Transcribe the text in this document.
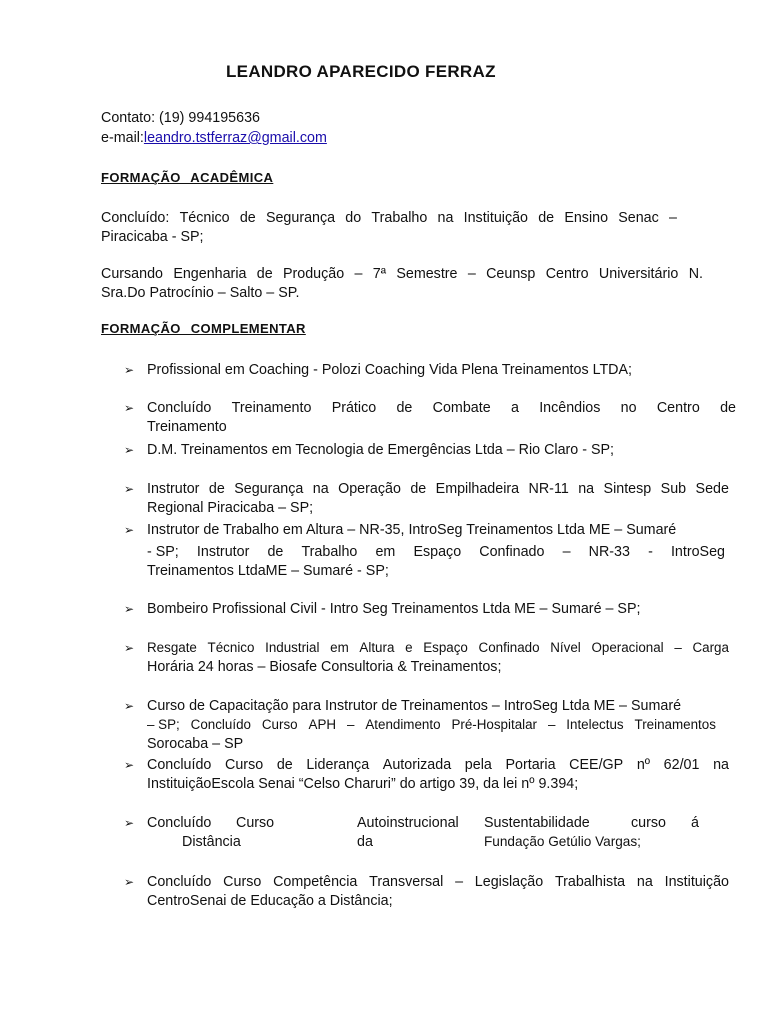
LEANDRO APARECIDO FERRAZ
Contato: (19) 994195636
e-mail:leandro.tstferraz@gmail.com
FORMAÇÃO ACADÊMICA
Concluído: Técnico de Segurança do Trabalho na Instituição de Ensino Senac –
Piracicaba - SP;
Cursando Engenharia de Produção – 7ª Semestre – Ceunsp Centro Universitário N.
Sra.Do Patrocínio – Salto – SP.
FORMAÇÃO COMPLEMENTAR
➢ Profissional em Coaching - Polozi Coaching Vida Plena Treinamentos LTDA;
➢ Concluído Treinamento Prático de Combate a Incêndios no Centro de
Treinamento
➢ D.M. Treinamentos em Tecnologia de Emergências Ltda – Rio Claro - SP;
➢ Instrutor de Segurança na Operação de Empilhadeira NR-11 na Sintesp Sub Sede
Regional Piracicaba – SP;
➢ Instrutor de Trabalho em Altura – NR-35, IntroSeg Treinamentos Ltda ME – Sumaré
- SP; Instrutor de Trabalho em Espaço Confinado – NR-33 - IntroSeg
Treinamentos LtdaME – Sumaré - SP;
➢ Bombeiro Profissional Civil - Intro Seg Treinamentos Ltda ME – Sumaré – SP;
➢ Resgate Técnico Industrial em Altura e Espaço Confinado Nível Operacional – Carga
Horária 24 horas – Biosafe Consultoria & Treinamentos;
➢ Curso de Capacitação para Instrutor de Treinamentos – IntroSeg Ltda ME – Sumaré
– SP; Concluído Curso APH – Atendimento Pré-Hospitalar – Intelectus Treinamentos
Sorocaba – SP
➢ Concluído Curso de Liderança Autorizada pela Portaria CEE/GP nº 62/01 na
InstituiçãoEscola Senai “Celso Charuri” do artigo 39, da lei nº 9.394;
➢ Concluído Curso	Autoinstrucional Sustentabilidade	curso á
Distância	da	Fundação Getúlio Vargas;
➢ Concluído Curso Competência Transversal – Legislação Trabalhista na Instituição
CentroSenai de Educação a Distância;
